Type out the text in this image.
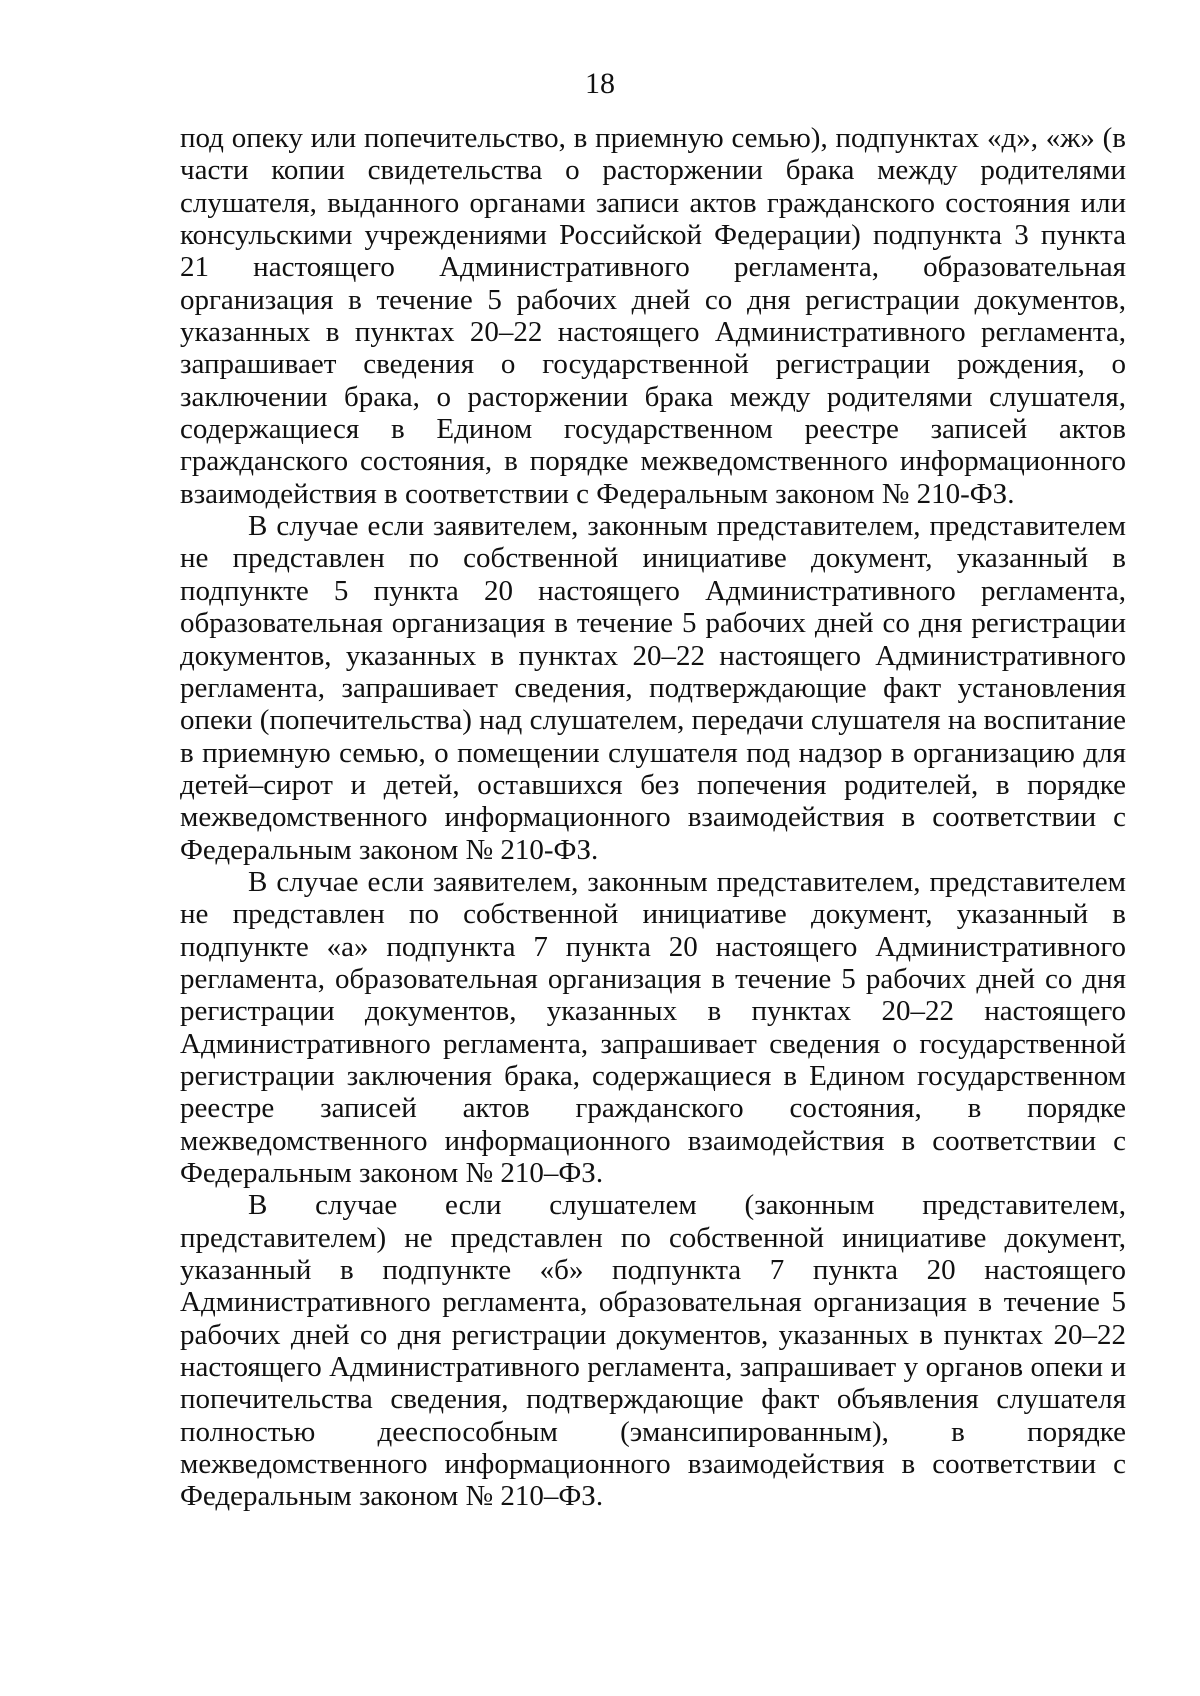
18

под опеку или попечительство, в приемную семью), подпунктах «д», «ж» (в части копии свидетельства о расторжении брака между родителями слушателя, выданного органами записи актов гражданского состояния или консульскими учреждениями Российской Федерации) подпункта 3 пункта 21 настоящего Административного регламента, образовательная организация в течение 5 рабочих дней со дня регистрации документов, указанных в пунктах 20–22 настоящего Административного регламента, запрашивает сведения о государственной регистрации рождения, о заключении брака, о расторжении брака между родителями слушателя, содержащиеся в Едином государственном реестре записей актов гражданского состояния, в порядке межведомственного информационного взаимодействия в соответствии с Федеральным законом № 210-ФЗ.

В случае если заявителем, законным представителем, представителем не представлен по собственной инициативе документ, указанный в подпункте 5 пункта 20 настоящего Административного регламента, образовательная организация в течение 5 рабочих дней со дня регистрации документов, указанных в пунктах 20–22 настоящего Административного регламента, запрашивает сведения, подтверждающие факт установления опеки (попечительства) над слушателем, передачи слушателя на воспитание в приемную семью, о помещении слушателя под надзор в организацию для детей–сирот и детей, оставшихся без попечения родителей, в порядке межведомственного информационного взаимодействия в соответствии с Федеральным законом № 210-ФЗ.

В случае если заявителем, законным представителем, представителем не представлен по собственной инициативе документ, указанный в подпункте «а» подпункта 7 пункта 20 настоящего Административного регламента, образовательная организация в течение 5 рабочих дней со дня регистрации документов, указанных в пунктах 20–22 настоящего Административного регламента, запрашивает сведения о государственной регистрации заключения брака, содержащиеся в Едином государственном реестре записей актов гражданского состояния, в порядке межведомственного информационного взаимодействия в соответствии с Федеральным законом № 210–ФЗ.

В случае если слушателем (законным представителем, представителем) не представлен по собственной инициативе документ, указанный в подпункте «б» подпункта 7 пункта 20 настоящего Административного регламента, образовательная организация в течение 5 рабочих дней со дня регистрации документов, указанных в пунктах 20–22 настоящего Административного регламента, запрашивает у органов опеки и попечительства сведения, подтверждающие факт объявления слушателя полностью дееспособным (эмансипированным), в порядке межведомственного информационного взаимодействия в соответствии с Федеральным законом № 210–ФЗ.
